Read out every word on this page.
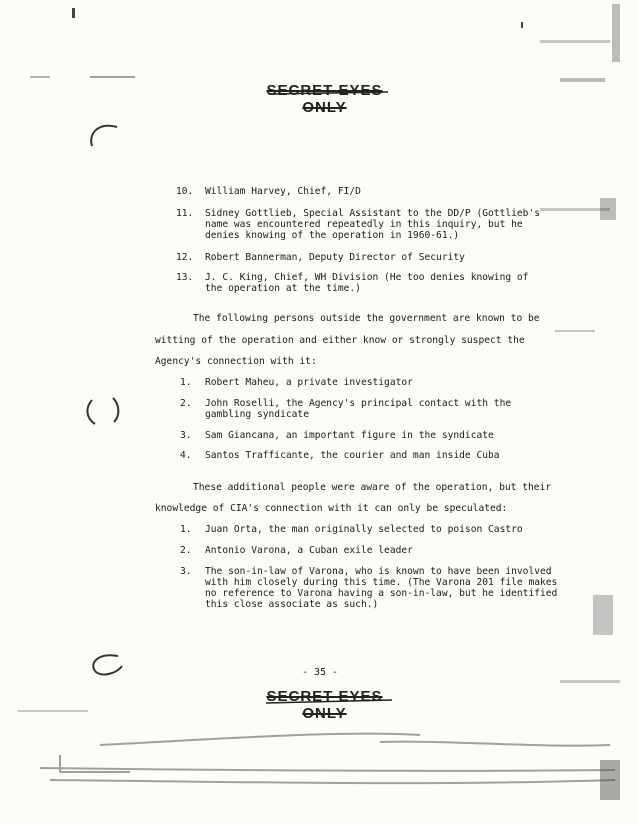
SECRET EYES ONLY
10. William Harvey, Chief, FI/D
11. Sidney Gottlieb, Special Assistant to the DD/P (Gottlieb's
name was encountered repeatedly in this inquiry, but he
denies knowing of the operation in 1960-61.)
12. Robert Bannerman, Deputy Director of Security
13. J. C. King, Chief, WH Division (He too denies knowing of
the operation at the time.)
The following persons outside the government are known to be
witting of the operation and either know or strongly suspect the
Agency's connection with it:
1. Robert Maheu, a private investigator
2. John Roselli, the Agency's principal contact with the
gambling syndicate
3. Sam Giancana, an important figure in the syndicate
4. Santos Trafficante, the courier and man inside Cuba
These additional people were aware of the operation, but their
knowledge of CIA's connection with it can only be speculated:
1. Juan Orta, the man originally selected to poison Castro
2. Antonio Varona, a Cuban exile leader
3. The son-in-law of Varona, who is known to have been involved
with him closely during this time. (The Varona 201 file makes
no reference to Varona having a son-in-law, but he identified
this close associate as such.)
- 35 -
SECRET EYES ONLY
